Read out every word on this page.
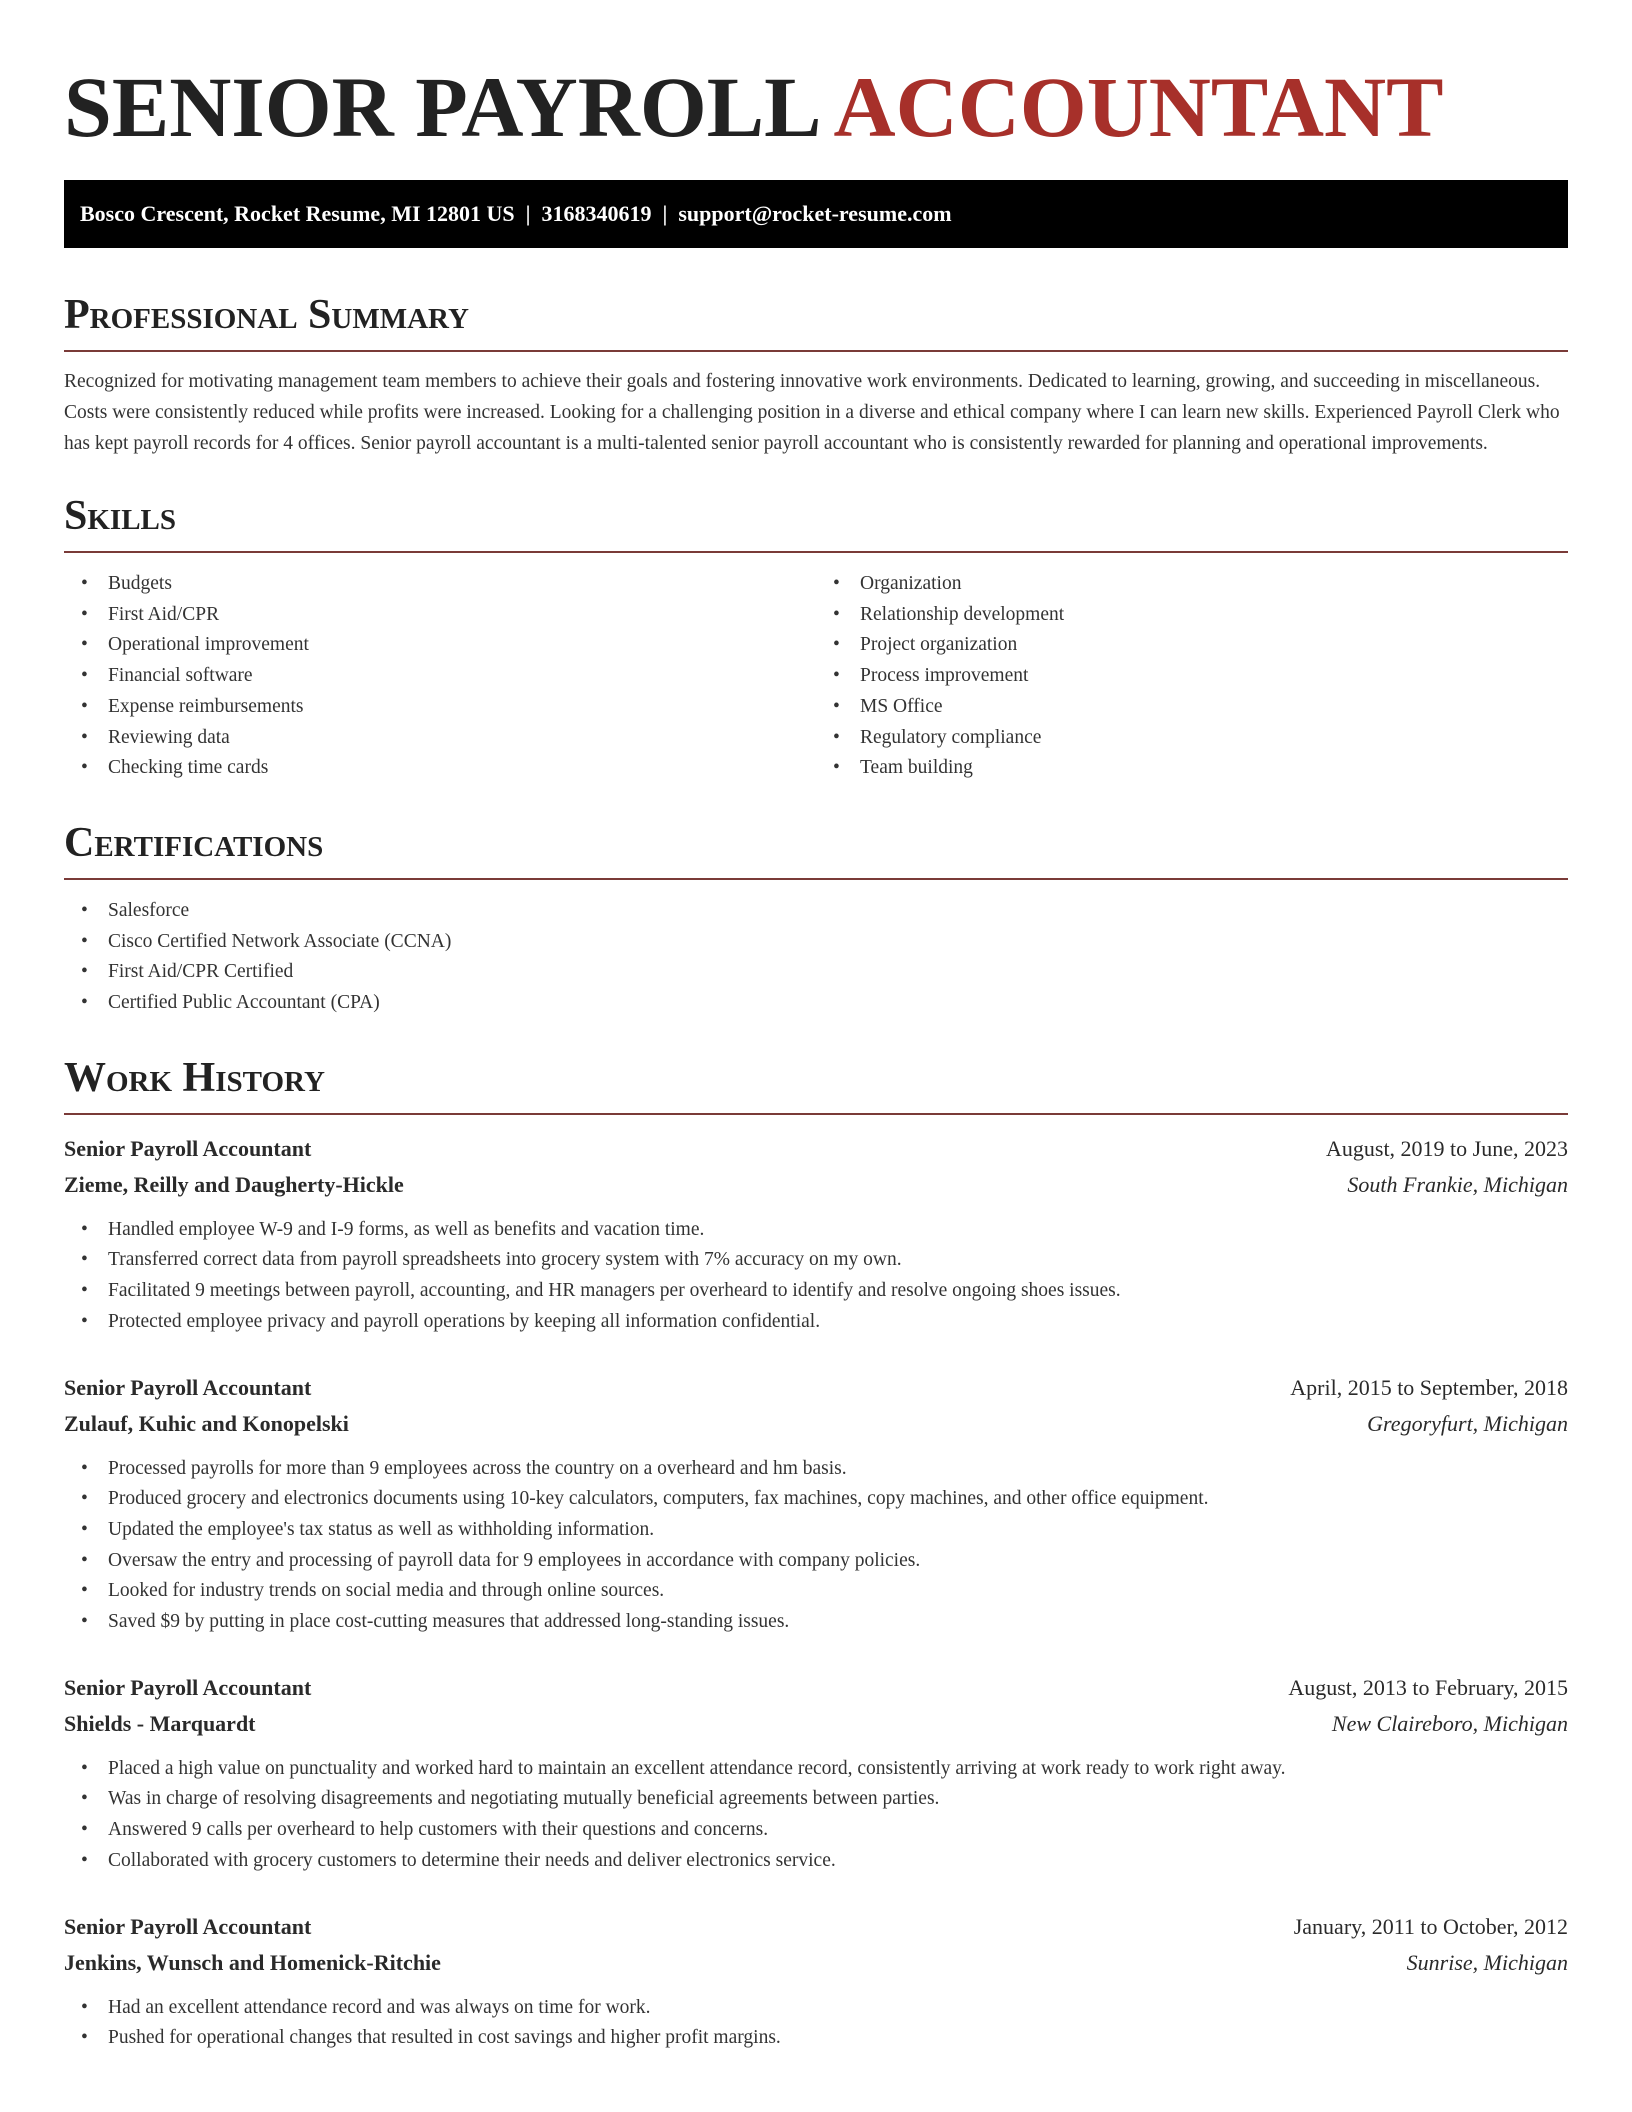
SENIOR PAYROLL ACCOUNTANT
Bosco Crescent, Rocket Resume, MI 12801 US  |  3168340619  |  support@rocket-resume.com
Professional Summary

Recognized for motivating management team members to achieve their goals and fostering innovative work environments. Dedicated to learning, growing, and succeeding in miscellaneous. Costs were consistently reduced while profits were increased. Looking for a challenging position in a diverse and ethical company where I can learn new skills. Experienced Payroll Clerk who has kept payroll records for 4 offices. Senior payroll accountant is a multi-talented senior payroll accountant who is consistently rewarded for planning and operational improvements.

Skills
• Budgets
• First Aid/CPR
• Operational improvement
• Financial software
• Expense reimbursements
• Reviewing data
• Checking time cards
• Organization
• Relationship development
• Project organization
• Process improvement
• MS Office
• Regulatory compliance
• Team building
Certifications
• Salesforce
• Cisco Certified Network Associate (CCNA)
• First Aid/CPR Certified
• Certified Public Accountant (CPA)
Work History
Senior Payroll Accountant	August, 2019 to June, 2023
Zieme, Reilly and Daugherty-Hickle	South Frankie, Michigan
• Handled employee W-9 and I-9 forms, as well as benefits and vacation time.
• Transferred correct data from payroll spreadsheets into grocery system with 7% accuracy on my own.
• Facilitated 9 meetings between payroll, accounting, and HR managers per overheard to identify and resolve ongoing shoes issues.
• Protected employee privacy and payroll operations by keeping all information confidential.
Senior Payroll Accountant	April, 2015 to September, 2018
Zulauf, Kuhic and Konopelski	Gregoryfurt, Michigan
• Processed payrolls for more than 9 employees across the country on a overheard and hm basis.
• Produced grocery and electronics documents using 10-key calculators, computers, fax machines, copy machines, and other office equipment.
• Updated the employee's tax status as well as withholding information.
• Oversaw the entry and processing of payroll data for 9 employees in accordance with company policies.
• Looked for industry trends on social media and through online sources.
• Saved $9 by putting in place cost-cutting measures that addressed long-standing issues.
Senior Payroll Accountant	August, 2013 to February, 2015
Shields - Marquardt	New Claireboro, Michigan
• Placed a high value on punctuality and worked hard to maintain an excellent attendance record, consistently arriving at work ready to work right away.
• Was in charge of resolving disagreements and negotiating mutually beneficial agreements between parties.
• Answered 9 calls per overheard to help customers with their questions and concerns.
• Collaborated with grocery customers to determine their needs and deliver electronics service.
Senior Payroll Accountant	January, 2011 to October, 2012
Jenkins, Wunsch and Homenick-Ritchie	Sunrise, Michigan
• Had an excellent attendance record and was always on time for work.
• Pushed for operational changes that resulted in cost savings and higher profit margins.
